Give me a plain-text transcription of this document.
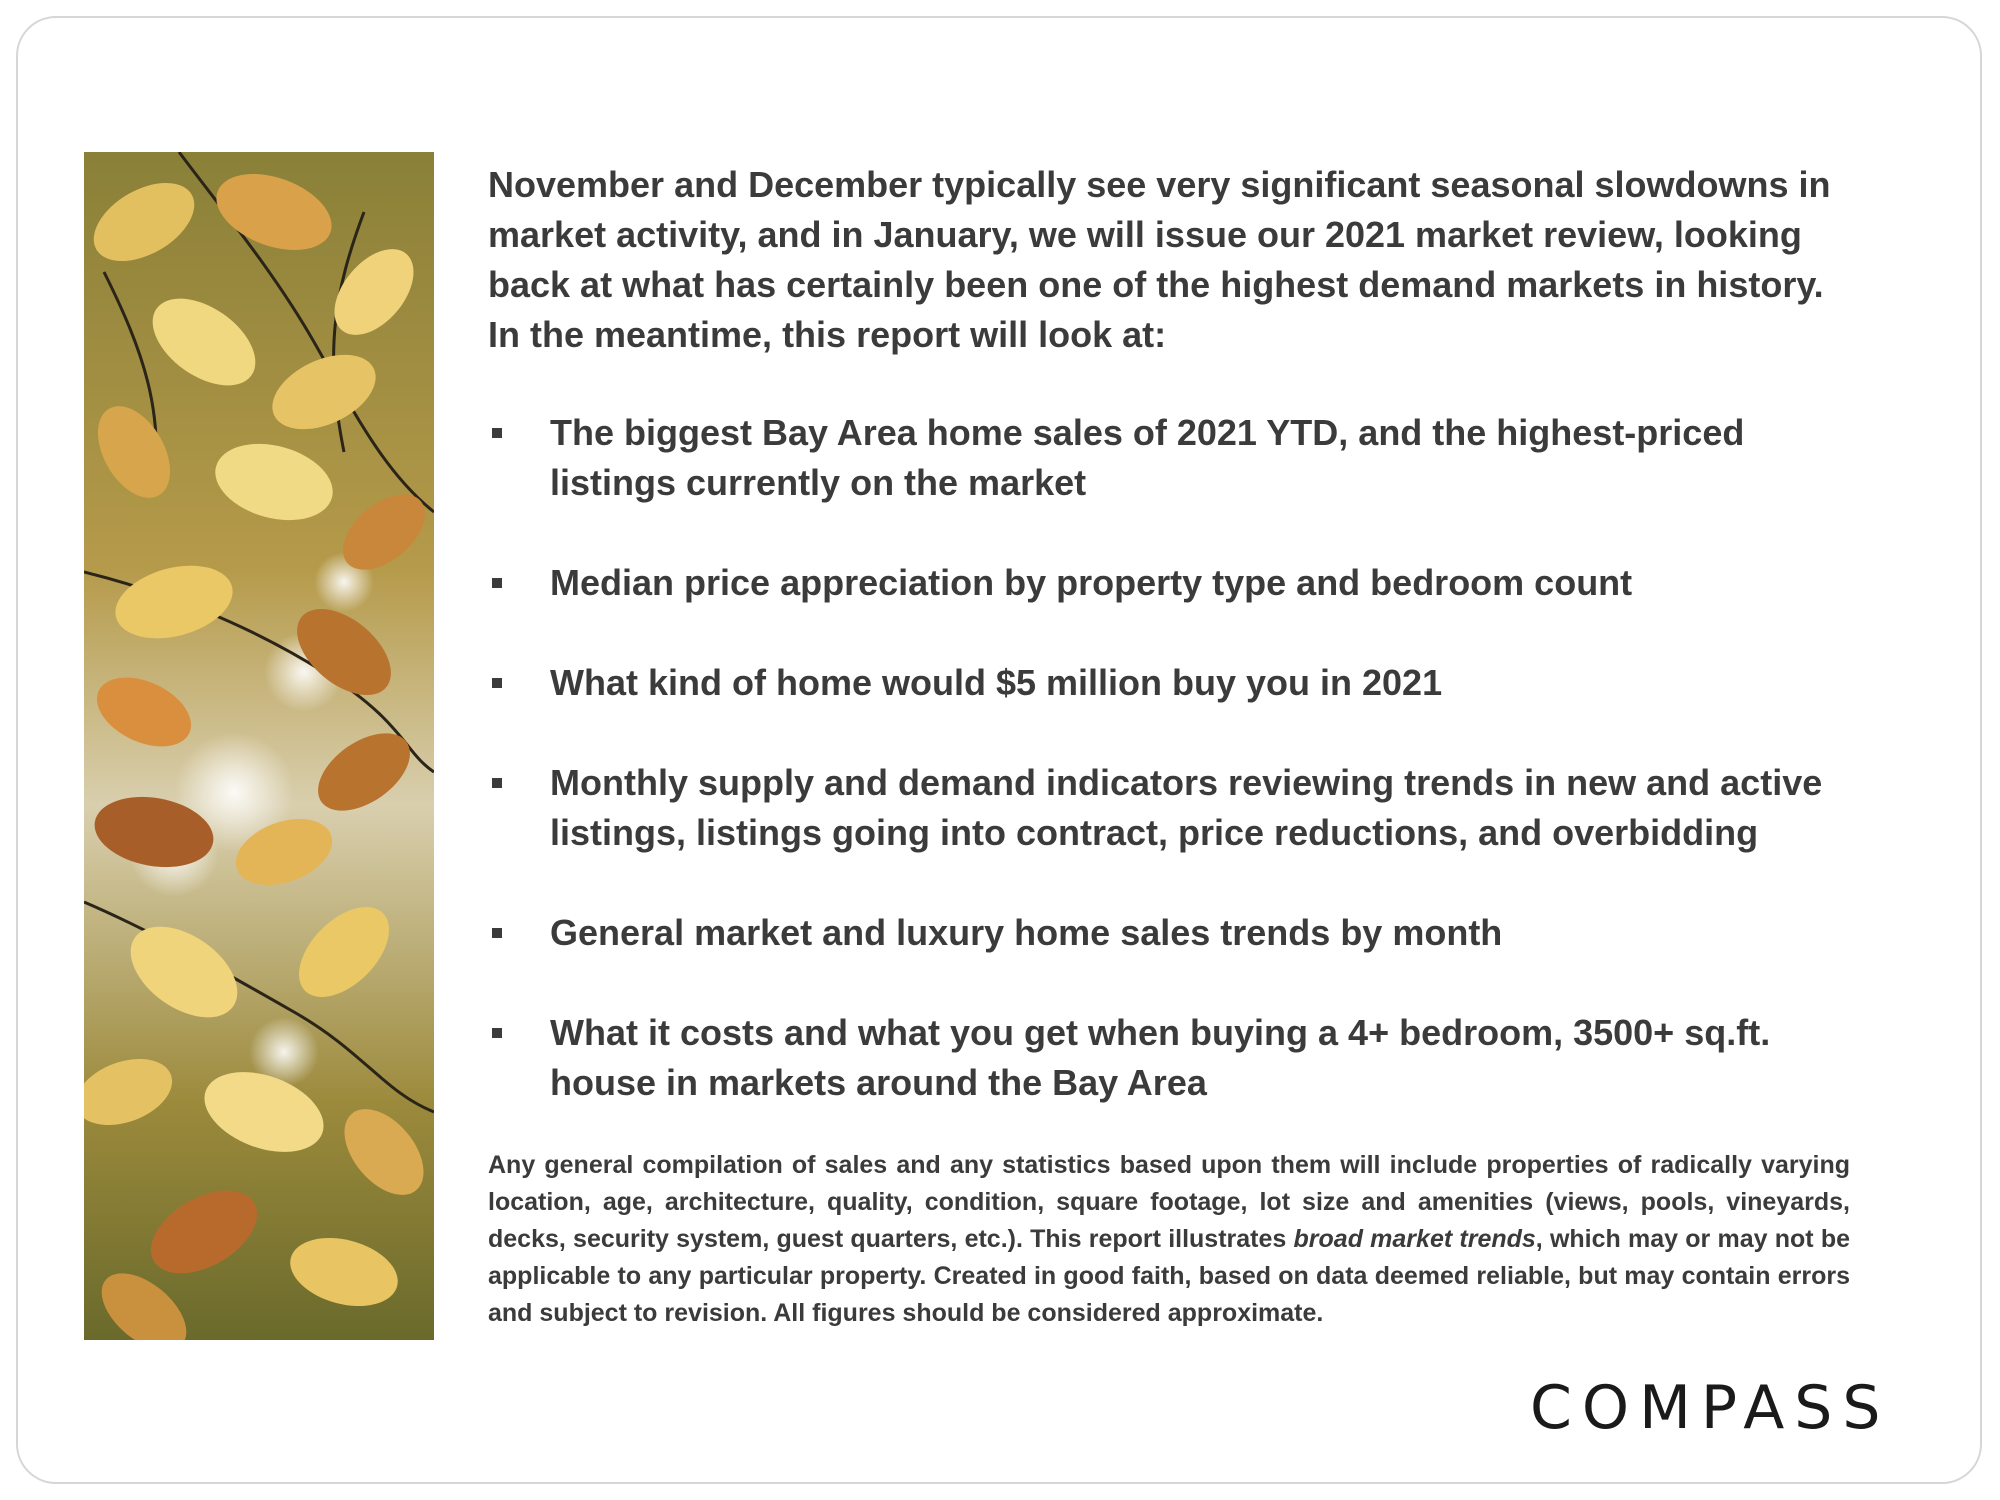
November and December typically see very significant seasonal slowdowns in market activity, and in January, we will issue our 2021 market review, looking back at what has certainly been one of the highest demand markets in history. In the meantime, this report will look at:

The biggest Bay Area home sales of 2021 YTD, and the highest-priced listings currently on the market
Median price appreciation by property type and bedroom count
What kind of home would $5 million buy you in 2021
Monthly supply and demand indicators reviewing trends in new and active listings, listings going into contract, price reductions, and overbidding
General market and luxury home sales trends by month
What it costs and what you get when buying a 4+ bedroom, 3500+ sq.ft. house in markets around the Bay Area

Any general compilation of sales and any statistics based upon them will include properties of radically varying location, age, architecture, quality, condition, square footage, lot size and amenities (views, pools, vineyards, decks, security system, guest quarters, etc.). This report illustrates broad market trends, which may or may not be applicable to any particular property. Created in good faith, based on data deemed reliable, but may contain errors and subject to revision. All figures should be considered approximate.

COMPASS
